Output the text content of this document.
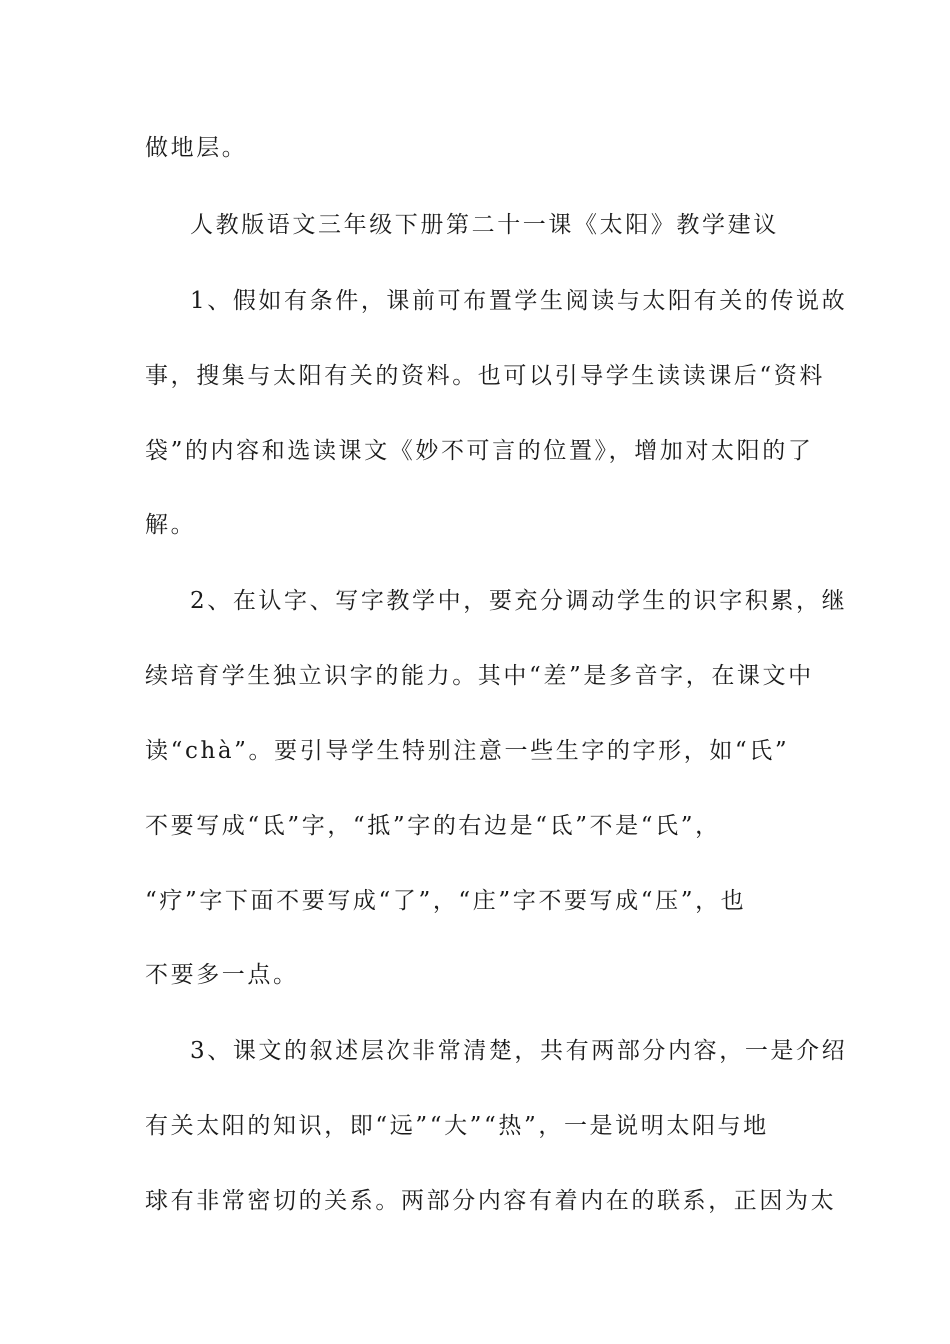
做地层。
人教版语文三年级下册第二十一课《太阳》教学建议
1、假如有条件，课前可布置学生阅读与太阳有关的传说故
事，搜集与太阳有关的资料。也可以引导学生读读课后“资料
袋”的内容和选读课文《妙不可言的位置》，增加对太阳的了
解。
2、在认字、写字教学中，要充分调动学生的识字积累，继
续培育学生独立识字的能力。其中“差”是多音字，在课文中
读“chà”。要引导学生特别注意一些生字的字形，如“氏”
不要写成“氐”字，“抵”字的右边是“氐”不是“氏”，
“疗”字下面不要写成“了”，“庄”字不要写成“压”，也
不要多一点。
3、课文的叙述层次非常清楚，共有两部分内容，一是介绍
有关太阳的知识，即“远”“大”“热”，一是说明太阳与地
球有非常密切的关系。两部分内容有着内在的联系，正因为太
